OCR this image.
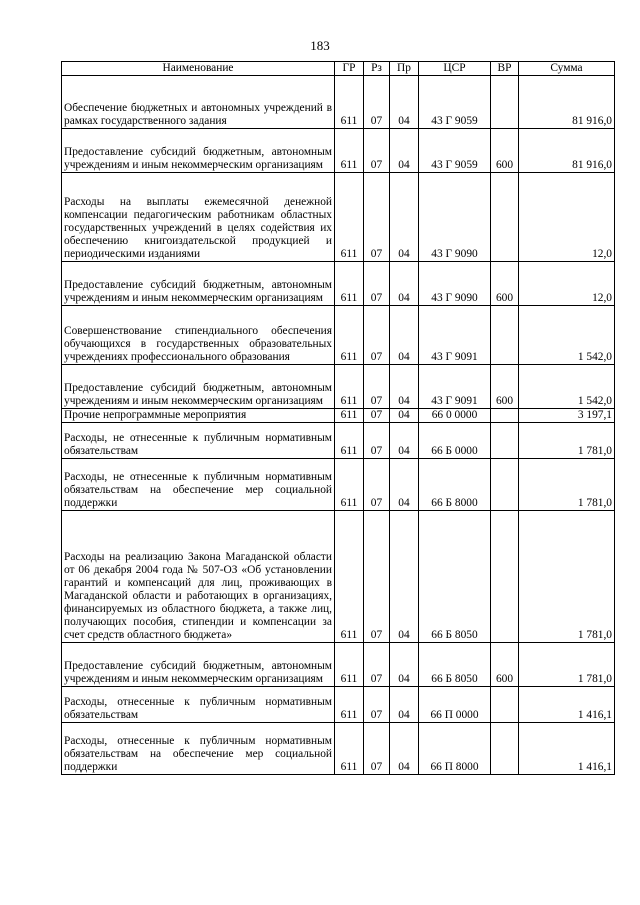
183
Наименование	ГР	Рз	Пр	ЦСР	ВР	Сумма
Обеспечение бюджетных и автономных учреждений в рамках государственного задания	611	07	04	43 Г 9059		81 916,0
Предоставление субсидий бюджетным, автономным учреждениям и иным некоммерческим организациям	611	07	04	43 Г 9059	600	81 916,0
Расходы на выплаты ежемесячной денежной компенсации педагогическим работникам областных государственных учреждений в целях содействия их обеспечению книгоиздательской продукцией и периодическими изданиями	611	07	04	43 Г 9090		12,0
Предоставление субсидий бюджетным, автономным учреждениям и иным некоммерческим организациям	611	07	04	43 Г 9090	600	12,0
Совершенствование стипендиального обеспечения обучающихся в государственных образовательных учреждениях профессионального образования	611	07	04	43 Г 9091		1 542,0
Предоставление субсидий бюджетным, автономным учреждениям и иным некоммерческим организациям	611	07	04	43 Г 9091	600	1 542,0
Прочие непрограммные мероприятия	611	07	04	66 0 0000		3 197,1
Расходы, не отнесенные к публичным нормативным обязательствам	611	07	04	66 Б 0000		1 781,0
Расходы, не отнесенные к публичным нормативным обязательствам на обеспечение мер социальной поддержки	611	07	04	66 Б 8000		1 781,0
Расходы на реализацию Закона Магаданской области от 06 декабря 2004 года № 507-ОЗ «Об установлении гарантий и компенсаций для лиц, проживающих в Магаданской области и работающих в организациях, финансируемых из областного бюджета, а также лиц, получающих пособия, стипендии и компенсации за счет средств областного бюджета»	611	07	04	66 Б 8050		1 781,0
Предоставление субсидий бюджетным, автономным учреждениям и иным некоммерческим организациям	611	07	04	66 Б 8050	600	1 781,0
Расходы, отнесенные к публичным нормативным обязательствам	611	07	04	66 П 0000		1 416,1
Расходы, отнесенные к публичным нормативным обязательствам на обеспечение мер социальной поддержки	611	07	04	66 П 8000		1 416,1
